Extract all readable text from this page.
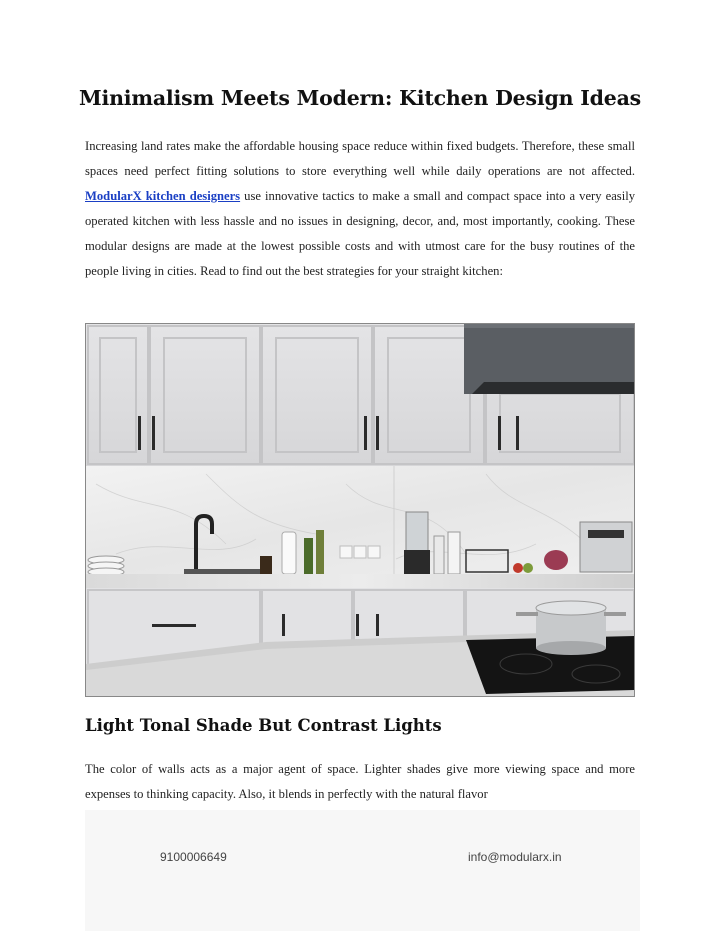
Minimalism Meets Modern: Kitchen Design Ideas
Increasing land rates make the affordable housing space reduce within fixed budgets. Therefore, these small spaces need perfect fitting solutions to store everything well while daily operations are not affected. ModularX kitchen designers use innovative tactics to make a small and compact space into a very easily operated kitchen with less hassle and no issues in designing, decor, and, most importantly, cooking. These modular designs are made at the lowest possible costs and with utmost care for the busy routines of the people living in cities. Read to find out the best strategies for your straight kitchen:
Light Tonal Shade But Contrast Lights
The color of walls acts as a major agent of space. Lighter shades give more viewing space and more expenses to thinking capacity. Also, it blends in perfectly with the natural flavor
9100006649	info@modularx.in
